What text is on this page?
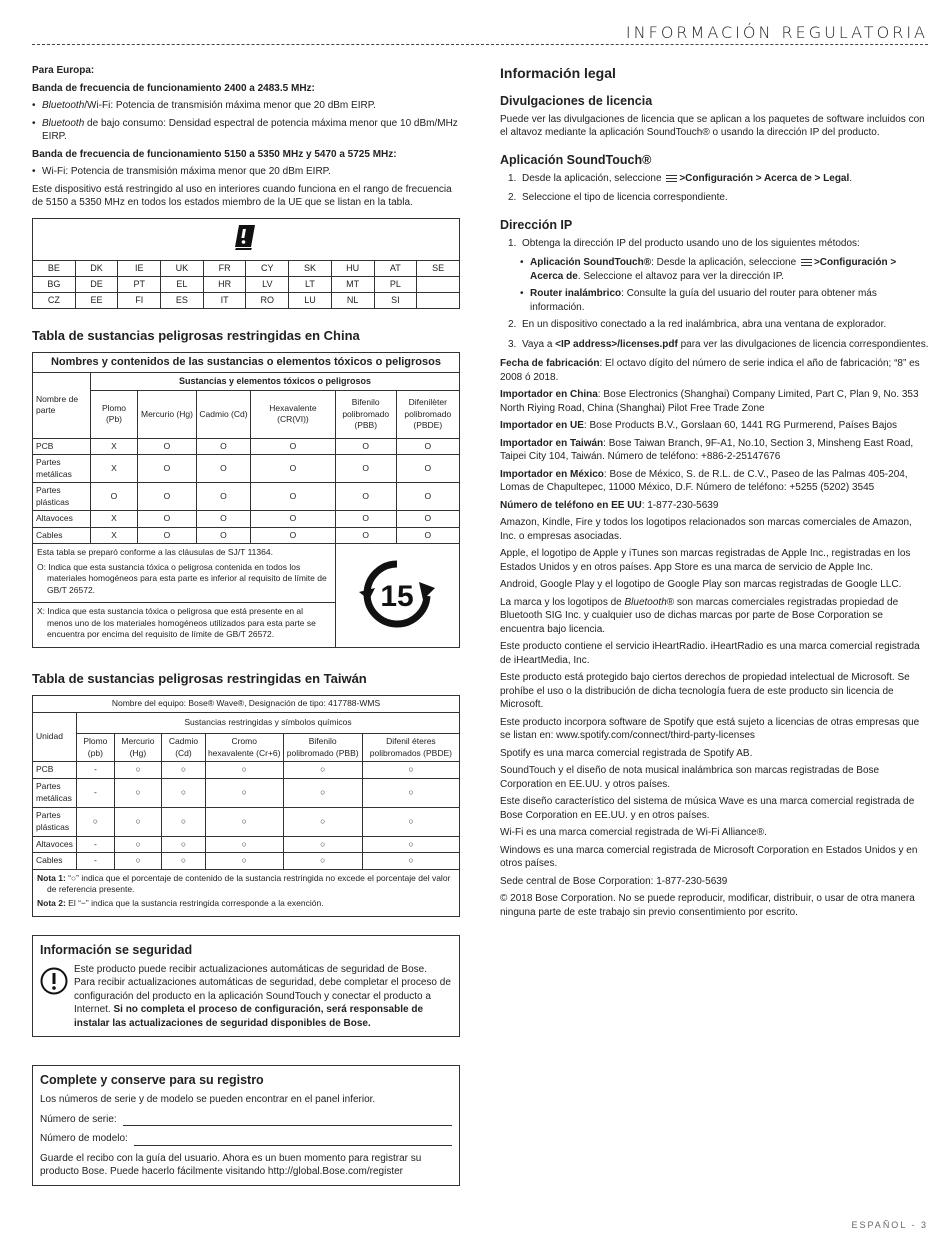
INFORMACIÓN REGULATORIA

Para Europa:

Banda de frecuencia de funcionamiento 2400 a 2483.5 MHz:

• Bluetooth/Wi-Fi: Potencia de transmisión máxima menor que 20 dBm EIRP.
• Bluetooth de bajo consumo: Densidad espectral de potencia máxima menor que 10 dBm/MHz EIRP.

Banda de frecuencia de funcionamiento 5150 a 5350 MHz y 5470 a 5725 MHz:

• Wi-Fi: Potencia de transmisión máxima menor que 20 dBm EIRP.

Este dispositivo está restringido al uso en interiores cuando funciona en el rango de frecuencia de 5150 a 5350 MHz en todos los estados miembro de la UE que se listan en la tabla.

BE	DK	IE	UK	FR	CY	SK	HU	AT	SE
BG	DE	PT	EL	HR	LV	LT	MT	PL	
CZ	EE	FI	ES	IT	RO	LU	NL	SI	
Tabla de sustancias peligrosas restringidas en China
Nombres y contenidos de las sustancias o elementos tóxicos o peligrosos						
Nombre de parte	Sustancias y elementos tóxicos o peligrosos					
	Plomo (Pb)	Mercurio (Hg)	Cadmio (Cd)	Hexavalente (CR(VI))	Bifenilo polibromado (PBB)	Difenilèter polibromado (PBDE)
PCB	X	O	O	O	O	O
Partes metálicas	X	O	O	O	O	O
Partes plásticas	O	O	O	O	O	O
Altavoces	X	O	O	O	O	O
Cables	X	O	O	O	O	O

Esta tabla se preparó conforme a las cláusulas de SJ/T 11364.
O: Indica que esta sustancia tóxica o peligrosa contenida en todos los materiales homogéneos para esta parte es inferior al requisito de límite de GB/T 26572.					15	

X: Indica que esta sustancia tóxica o peligrosa que está presente en al menos uno de los materiales homogéneos utilizados para esta parte se encuentra por encima del requisito de límite de GB/T 26572.						
Tabla de sustancias peligrosas restringidas en Taiwán
Nombre del equipo: Bose® Wave®, Designación de tipo: 417788-WMS						
Unidad	Sustancias restringidas y símbolos químicos					
	Plomo (pb)	Mercurio (Hg)	Cadmio (Cd)	Cromo hexavalente (Cr+6)	Bifenilo polibromado (PBB)	Difenil éteres polibromados (PBDE)
PCB	-	○	○	○	○	○
Partes metálicas	-	○	○	○	○	○
Partes plásticas	○	○	○	○	○	○
Altavoces	-	○	○	○	○	○
Cables	-	○	○	○	○	○

Nota 1: “○” indica que el porcentaje de contenido de la sustancia restringida no excede el porcentaje del valor de referencia presente.
Nota 2: El “−” indica que la sustancia restringida corresponde a la exención.						
Información se seguridad
Este producto puede recibir actualizaciones automáticas de seguridad de Bose.
Para recibir actualizaciones automáticas de seguridad, debe completar el proceso de configuración del producto en la aplicación SoundTouch y conectar el producto a Internet. Si no completa el proceso de configuración, será responsable de instalar las actualizaciones de seguridad disponibles de Bose.
Complete y conserve para su registro
Los números de serie y de modelo se pueden encontrar en el panel inferior.
Número de serie:
Número de modelo:
Guarde el recibo con la guía del usuario. Ahora es un buen momento para registrar su producto Bose. Puede hacerlo fácilmente visitando http://global.Bose.com/register
Información legal
Divulgaciones de licencia

Puede ver las divulgaciones de licencia que se aplican a los paquetes de software incluidos con el altavoz mediante la aplicación SoundTouch® o usando la dirección IP del producto.

Aplicación SoundTouch®
1. Desde la aplicación, seleccione >Configuración > Acerca de > Legal.
2. Seleccione el tipo de licencia correspondiente.
Dirección IP
1. Obtenga la dirección IP del producto usando uno de los siguientes métodos:
• Aplicación SoundTouch®: Desde la aplicación, seleccione >Configuración > Acerca de. Seleccione el altavoz para ver la dirección IP.
• Router inalámbrico: Consulte la guía del usuario del router para obtener más información.
2. En un dispositivo conectado a la red inalámbrica, abra una ventana de explorador.
3. Vaya a <IP address>/licenses.pdf para ver las divulgaciones de licencia correspondientes.

Fecha de fabricación: El octavo dígito del número de serie indica el año de fabricación; “8” es 2008 ó 2018.

Importador en China: Bose Electronics (Shanghai) Company Limited, Part C, Plan 9, No. 353 North Riying Road, China (Shanghai) Pilot Free Trade Zone

Importador en UE: Bose Products B.V., Gorslaan 60, 1441 RG Purmerend, Países Bajos

Importador en Taiwán: Bose Taiwan Branch, 9F-A1, No.10, Section 3, Minsheng East Road, Taipei City 104, Taiwán. Número de teléfono: +886-2-25147676

Importador en México: Bose de México, S. de R.L. de C.V., Paseo de las Palmas 405-204, Lomas de Chapultepec, 11000 México, D.F. Número de teléfono: +5255 (5202) 3545

Número de teléfono en EE UU: 1-877-230-5639

Amazon, Kindle, Fire y todos los logotipos relacionados son marcas comerciales de Amazon, Inc. o empresas asociadas.

Apple, el logotipo de Apple y iTunes son marcas registradas de Apple Inc., registradas en los Estados Unidos y en otros países. App Store es una marca de servicio de Apple Inc.

Android, Google Play y el logotipo de Google Play son marcas registradas de Google LLC.

La marca y los logotipos de Bluetooth® son marcas comerciales registradas propiedad de Bluetooth SIG Inc. y cualquier uso de dichas marcas por parte de Bose Corporation se encuentra bajo licencia.

Este producto contiene el servicio iHeartRadio. iHeartRadio es una marca comercial registrada de iHeartMedia, Inc.

Este producto está protegido bajo ciertos derechos de propiedad intelectual de Microsoft. Se prohíbe el uso o la distribución de dicha tecnología fuera de este producto sin licencia de Microsoft.

Este producto incorpora software de Spotify que está sujeto a licencias de otras empresas que se listan en: www.spotify.com/connect/third-party-licenses

Spotify es una marca comercial registrada de Spotify AB.

SoundTouch y el diseño de nota musical inalámbrica son marcas registradas de Bose Corporation en EE.UU. y otros países.

Este diseño característico del sistema de música Wave es una marca comercial registrada de Bose Corporation en EE.UU. y en otros países.

Wi-Fi es una marca comercial registrada de Wi-Fi Alliance®.

Windows es una marca comercial registrada de Microsoft Corporation en Estados Unidos y en otros países.

Sede central de Bose Corporation: 1-877-230-5639

© 2018 Bose Corporation. No se puede reproducir, modificar, distribuir, o usar de otra manera ninguna parte de este trabajo sin previo consentimiento por escrito.

ESPAÑOL - 3
